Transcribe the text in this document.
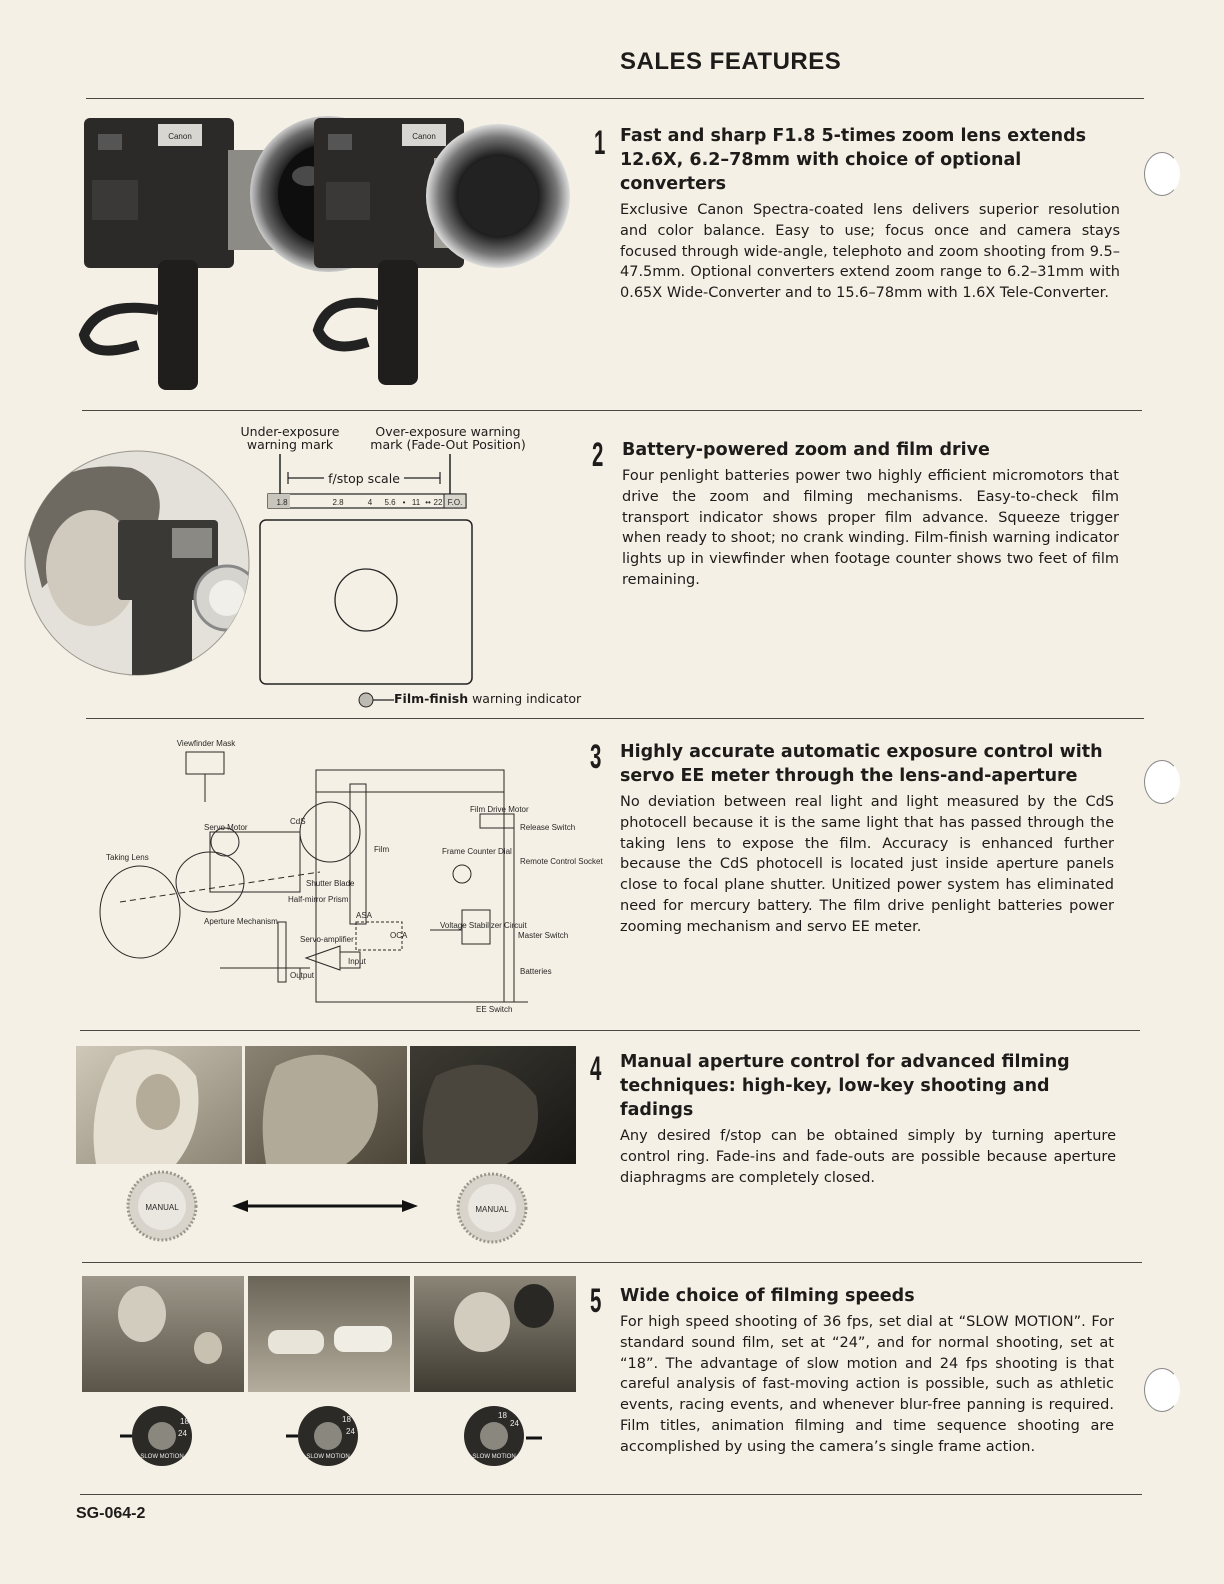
SALES FEATURES
Canon	Canon	1 Fast and sharp F1.8 5-times zoom lens extends 12.6X, 6.2–78mm with choice of optional converters

Exclusive Canon Spectra-coated lens delivers superior resolution and color balance. Easy to use; focus once and camera stays focused through wide-angle, telephoto and zoom shooting from 9.5–47.5mm. Optional converters extend zoom range to 6.2–31mm with 0.65X Wide-Converter and to 15.6–78mm with 1.6X Tele-Converter.

Under-exposure
warning mark
Over-exposure warning
mark (Fade-Out Position)
f/stop scale
1.8	2.8	4 5.6 • 11 •• 22 F.O.
Film-finish warning indicator
2 Battery-powered zoom and film drive

Four penlight batteries power two highly efficient micromotors that drive the zoom and filming mechanisms. Easy-to-check film transport indicator shows proper film advance. Squeeze trigger when ready to shoot; no crank winding. Film-finish warning indicator lights up in viewfinder when footage counter shows two feet of film remaining.

Viewfinder Mask
Servo Motor
CdS
Film
Film Drive Motor
Release Switch
Frame Counter Dial
Remote Control Socket
Taking Lens
Shutter Blade
Half-mirror Prism
Aperture Mechanism
Servo-amplifier
ASA
OCA
Input
Output
Voltage Stabilizer Circuit
Master Switch
Batteries
EE Switch
3 Highly accurate automatic exposure control with servo EE meter through the lens-and-aperture

No deviation between real light and light measured by the CdS photocell because it is the same light that has passed through the taking lens to expose the film. Accuracy is enhanced further because the CdS photocell is located just inside aperture panels close to focal plane shutter. Unitized power system has eliminated need for mercury battery. The film drive penlight batteries power zooming mechanism and servo EE meter.

MANUAL	MANUAL
4 Manual aperture control for advanced filming techniques: high-key, low-key shooting and fadings

Any desired f/stop can be obtained simply by turning aperture control ring. Fade-ins and fade-outs are possible because aperture diaphragms are completely closed.

18
24
SLOW MOTION
18
24
SLOW MOTION
18
24
SLOW MOTION
5 Wide choice of filming speeds

For high speed shooting of 36 fps, set dial at “SLOW MOTION”. For standard sound film, set at “24”, and for normal shooting, set at “18”. The advantage of slow motion and 24 fps shooting is that careful analysis of fast-moving action is possible, such as athletic events, racing events, and whenever blur-free panning is required. Film titles, animation filming and time sequence shooting are accomplished by using the camera’s single frame action.

SG-064-2
